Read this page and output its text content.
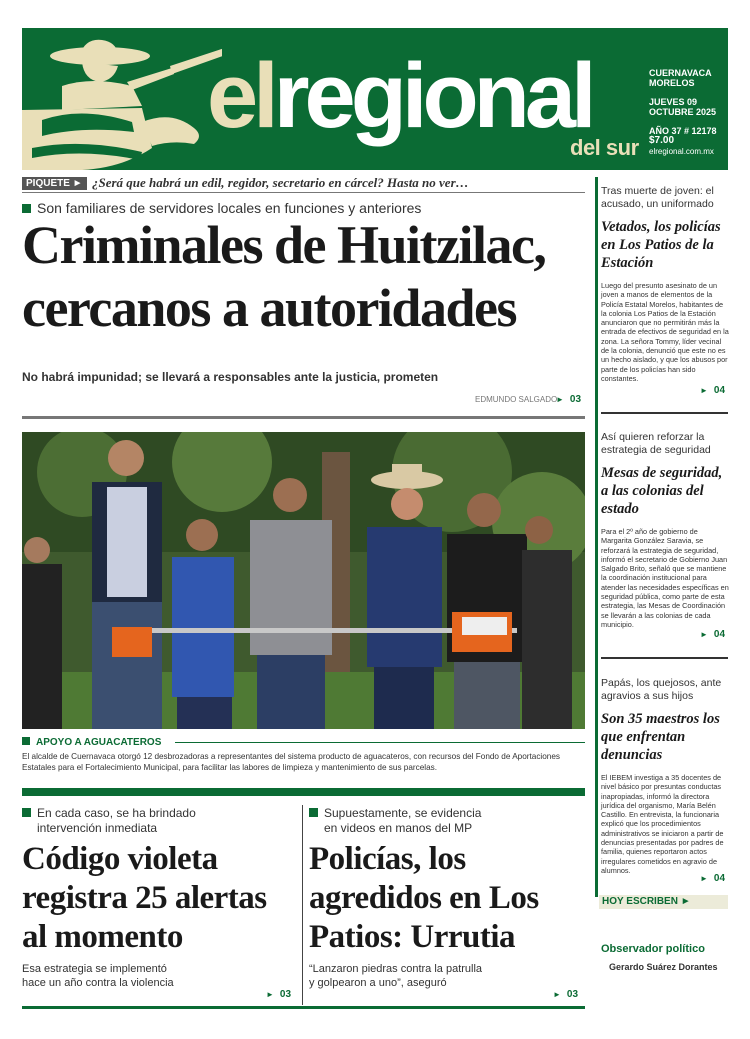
elregional
del sur
CUERNAVACA
MORELOS
JUEVES 09
OCTUBRE 2025
AÑO 37 # 12178
$7.00
elregional.com.mx
PIQUETE ► ¿Será que habrá un edil, regidor, secretario en cárcel? Hasta no ver…
Son familiares de servidores locales en funciones y anteriores
Criminales de Huitzilac,
cercanos a autoridades
No habrá impunidad; se llevará a responsables ante la justicia, prometen
EDMUNDO SALGADO
► 03
APOYO A AGUACATEROS
El alcalde de Cuernavaca otorgó 12 desbrozadoras a representantes del sistema producto de aguacateros, con recursos del Fondo de Aportaciones Estatales para el Fortalecimiento Municipal, para facilitar las labores de limpieza y mantenimiento de sus parcelas.
En cada caso, se ha brindado
intervención inmediata
Código violeta
registra 25 alertas
al momento
Esa estrategia se implementó
hace un año contra la violencia
► 03
Supuestamente, se evidencia
en videos en manos del MP
Policías, los
agredidos en Los
Patios: Urrutia
“Lanzaron piedras contra la patrulla
y golpearon a uno”, aseguró
► 03
Tras muerte de joven: el acusado, un uniformado
Vetados, los policías en Los Patios de la Estación
Luego del presunto asesinato de un joven a manos de elementos de la Policía Estatal Morelos, habitantes de la colonia Los Patios de la Estación anunciaron que no permitirán más la entrada de efectivos de seguridad en la zona. La señora Tommy, líder vecinal de la colonia, denunció que este no es un hecho aislado, y que los abusos por parte de los policías han sido constantes.
► 04
Así quieren reforzar la estrategia de seguridad
Mesas de seguridad, a las colonias del estado
Para el 2º año de gobierno de Margarita González Saravia, se reforzará la estrategia de seguridad, informó el secretario de Gobierno Juan Salgado Brito, señaló que se mantiene la coordinación institucional para atender las necesidades específicas en seguridad pública, como parte de esta estrategia, las Mesas de Coordinación se llevarán a las colonias de cada municipio.
► 04
Papás, los quejosos, ante agravios a sus hijos
Son 35 maestros los que enfrentan denuncias
El IEBEM investiga a 35 docentes de nivel básico por presuntas conductas inapropiadas, informó la directora jurídica del organismo, María Belén Castillo. En entrevista, la funcionaria explicó que los procedimientos administrativos se iniciaron a partir de denuncias presentadas por padres de familia, quienes reportaron actos irregulares cometidos en agravio de alumnos.
► 04
HOY ESCRIBEN ►
Observador político
Gerardo Suárez Dorantes
